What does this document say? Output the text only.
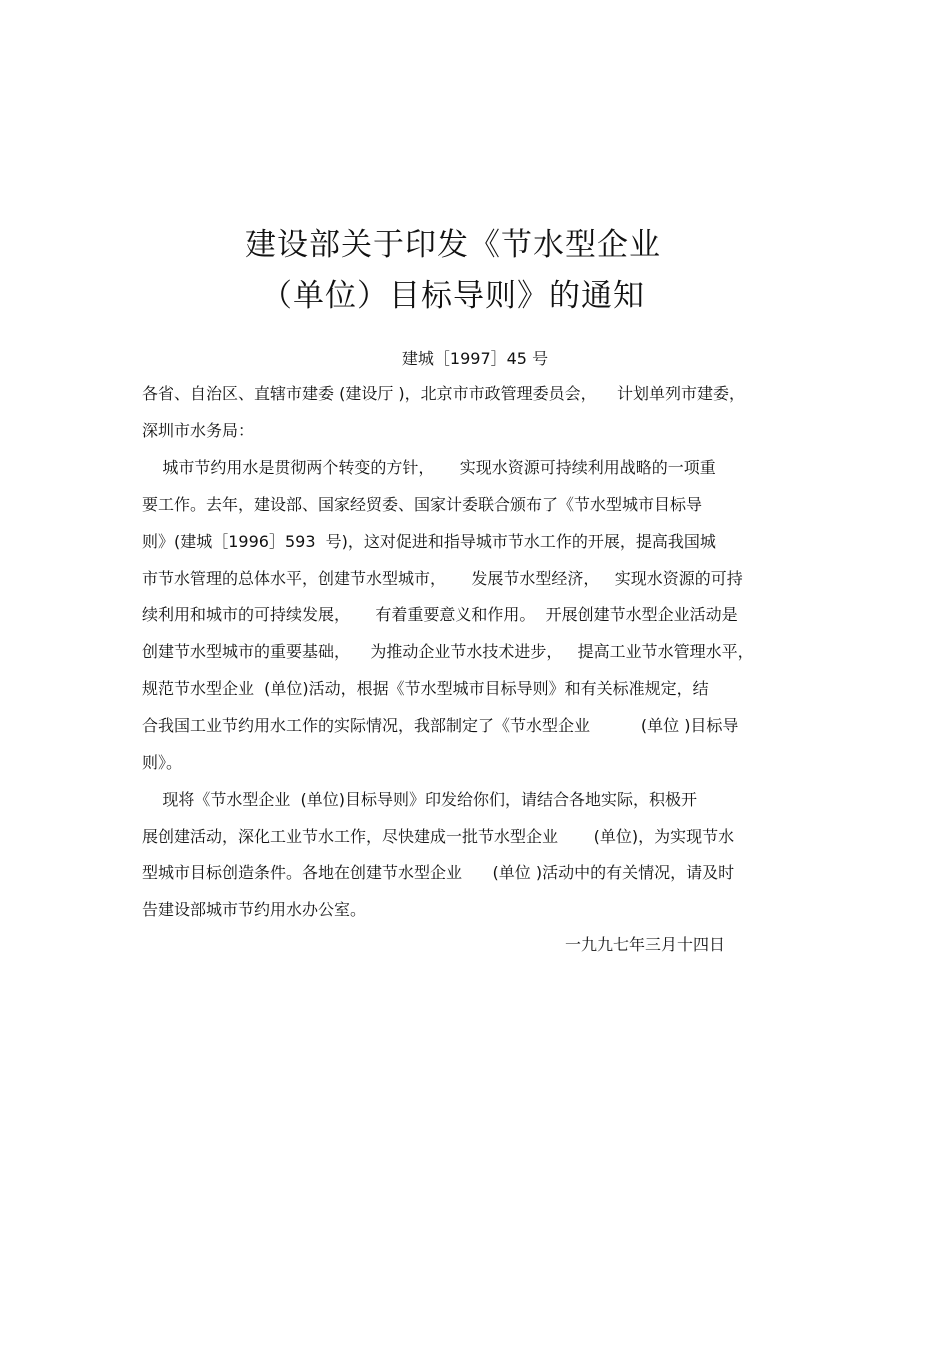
建设部关于印发《节水型企业
（单位）目标导则》的通知
建城［1997］45 号

各省、自治区、直辖市建委 (建设厅 )，北京市市政管理委员会，    计划单列市建委，

深圳市水务局：

城市节约用水是贯彻两个转变的方针，     实现水资源可持续利用战略的一项重

要工作。去年，建设部、国家经贸委、国家计委联合颁布了《节水型城市目标导

则》(建城［1996］593  号)，这对促进和指导城市节水工作的开展，提高我国城

市节水管理的总体水平，创建节水型城市，     发展节水型经济，   实现水资源的可持

续利用和城市的可持续发展，     有着重要意义和作用。  开展创建节水型企业活动是

创建节水型城市的重要基础，    为推动企业节水技术进步，   提高工业节水管理水平，

规范节水型企业  (单位)活动，根据《节水型城市目标导则》和有关标准规定，结

合我国工业节约用水工作的实际情况，我部制定了《节水型企业          (单位 )目标导

则》。

现将《节水型企业  (单位)目标导则》印发给你们，请结合各地实际，积极开

展创建活动，深化工业节水工作，尽快建成一批节水型企业       (单位)，为实现节水

型城市目标创造条件。各地在创建节水型企业      (单位 )活动中的有关情况，请及时

告建设部城市节约用水办公室。

一九九七年三月十四日
